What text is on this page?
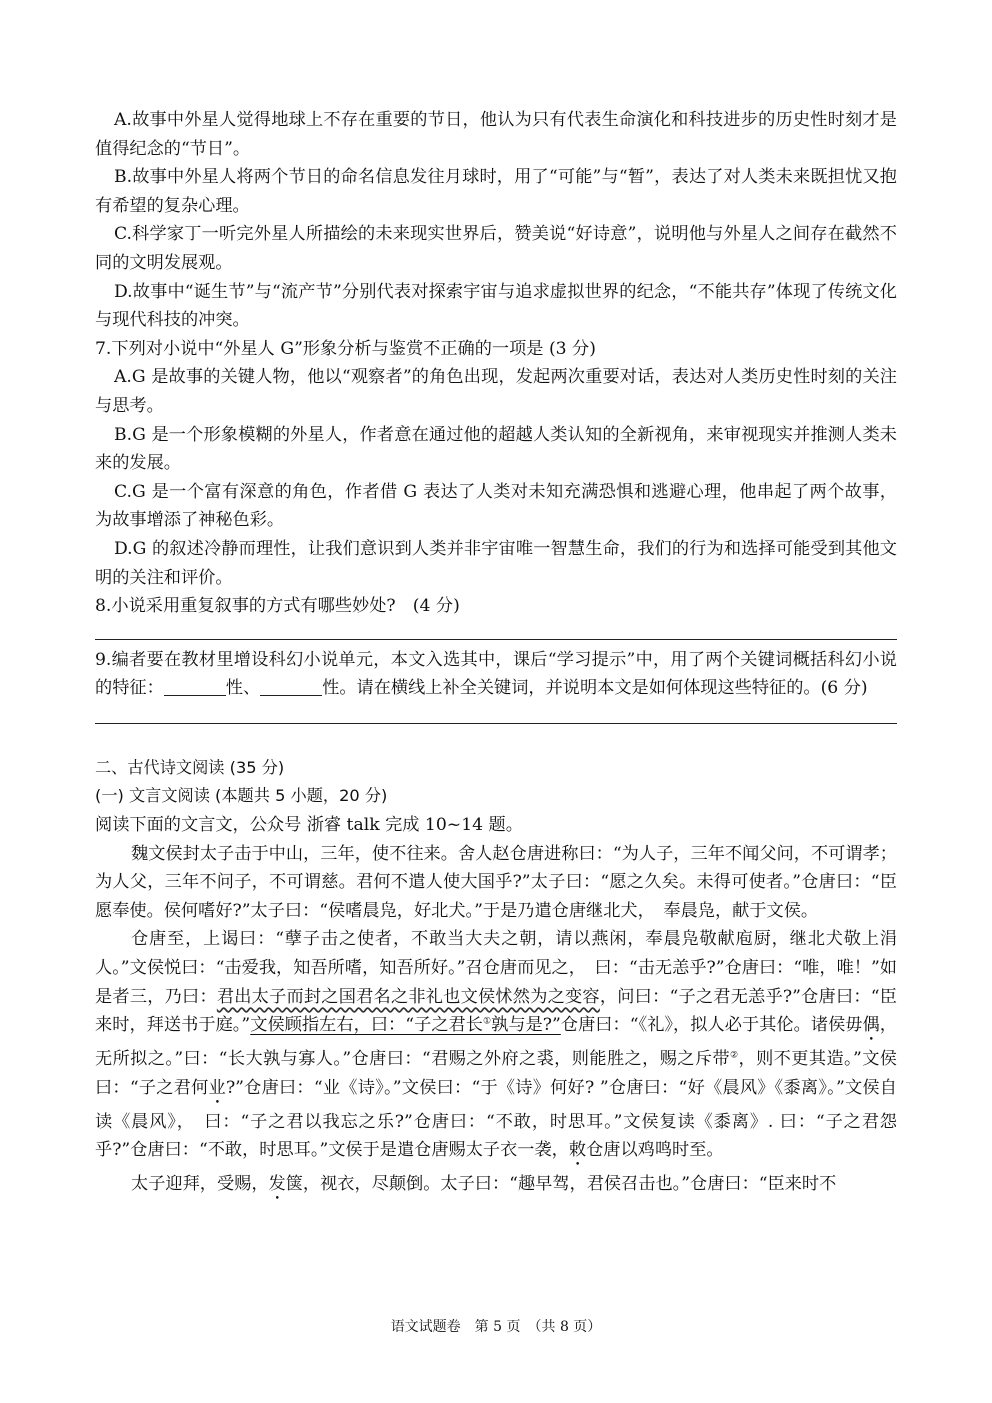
A.故事中外星人觉得地球上不存在重要的节日，他认为只有代表生命演化和科技进步的历史性时刻才是值得纪念的“节日”。

B.故事中外星人将两个节日的命名信息发往月球时，用了“可能”与“暂”，表达了对人类未来既担忧又抱有希望的复杂心理。

C.科学家丁一听完外星人所描绘的未来现实世界后，赞美说“好诗意”，说明他与外星人之间存在截然不同的文明发展观。

D.故事中“诞生节”与“流产节”分别代表对探索宇宙与追求虚拟世界的纪念，“不能共存”体现了传统文化与现代科技的冲突。

7.下列对小说中“外星人 G”形象分析与鉴赏不正确的一项是 (3 分)

A.G 是故事的关键人物，他以“观察者”的角色出现，发起两次重要对话，表达对人类历史性时刻的关注与思考。

B.G 是一个形象模糊的外星人，作者意在通过他的超越人类认知的全新视角，来审视现实并推测人类未来的发展。

C.G 是一个富有深意的角色，作者借 G 表达了人类对未知充满恐惧和逃避心理，他串起了两个故事，为故事增添了神秘色彩。

D.G 的叙述冷静而理性，让我们意识到人类并非宇宙唯一智慧生命，我们的行为和选择可能受到其他文明的关注和评价。

8.小说采用重复叙事的方式有哪些妙处?　(4 分)

9.编者要在教材里增设科幻小说单元，本文入选其中，课后“学习提示”中，用了两个关键词概括科幻小说的特征：	性、	性。请在横线上补全关键词，并说明本文是如何体现这些特征的。(6 分)

二、古代诗文阅读 (35 分)

(一) 文言文阅读 (本题共 5 小题，20 分)

阅读下面的文言文，公众号 浙睿 talk 完成 10~14 题。

魏文侯封太子击于中山，三年，使不往来。舍人赵仓唐进称曰：“为人子，三年不闻父问，不可谓孝；为人父，三年不问子，不可谓慈。君何不遣人使大国乎?”太子曰：“愿之久矣。未得可使者。”仓唐曰：“臣愿奉使。侯何嗜好?”太子曰：“侯嗜晨凫，好北犬。”于是乃遣仓唐继北犬，　奉晨凫，献于文侯。

仓唐至，上谒曰：“孽子击之使者，不敢当大夫之朝，请以燕闲，奉晨凫敬献庖厨，继北犬敬上涓人。”文侯悦曰：“击爱我，知吾所嗜，知吾所好。”召仓唐而见之，　曰：“击无恙乎?”仓唐曰：“唯，唯！”如是者三，乃曰：君出太子而封之国君名之非礼也文侯怵然为之变容，问曰：“子之君无恙乎?”仓唐曰：“臣来时，拜送书于庭。”文侯顾指左右，曰：“子之君长①孰与是?”仓唐曰：“《礼》，拟人必于其伦。诸侯毋偶，无所拟之。”曰：“长大孰与寡人。”仓唐曰：“君赐之外府之裘，则能胜之，赐之斥带②，则不更其造。”文侯曰：“子之君何业?”仓唐曰：“业《诗》。”文侯曰：“于《诗》何好? ”仓唐曰：“好《晨风》《黍离》。”文侯自读《晨风》，　曰：“子之君以我忘之乐?”仓唐曰：“不敢，时思耳。”文侯复读《黍离》. 曰：“子之君怨乎?”仓唐曰：“不敢，时思耳。”文侯于是遣仓唐赐太子衣一袭，敕仓唐以鸡鸣时至。

太子迎拜，受赐，发箧，视衣，尽颠倒。太子曰：“趣早驾，君侯召击也。”仓唐曰：“臣来时不

语文试题卷　第 5 页　（共 8 页）
